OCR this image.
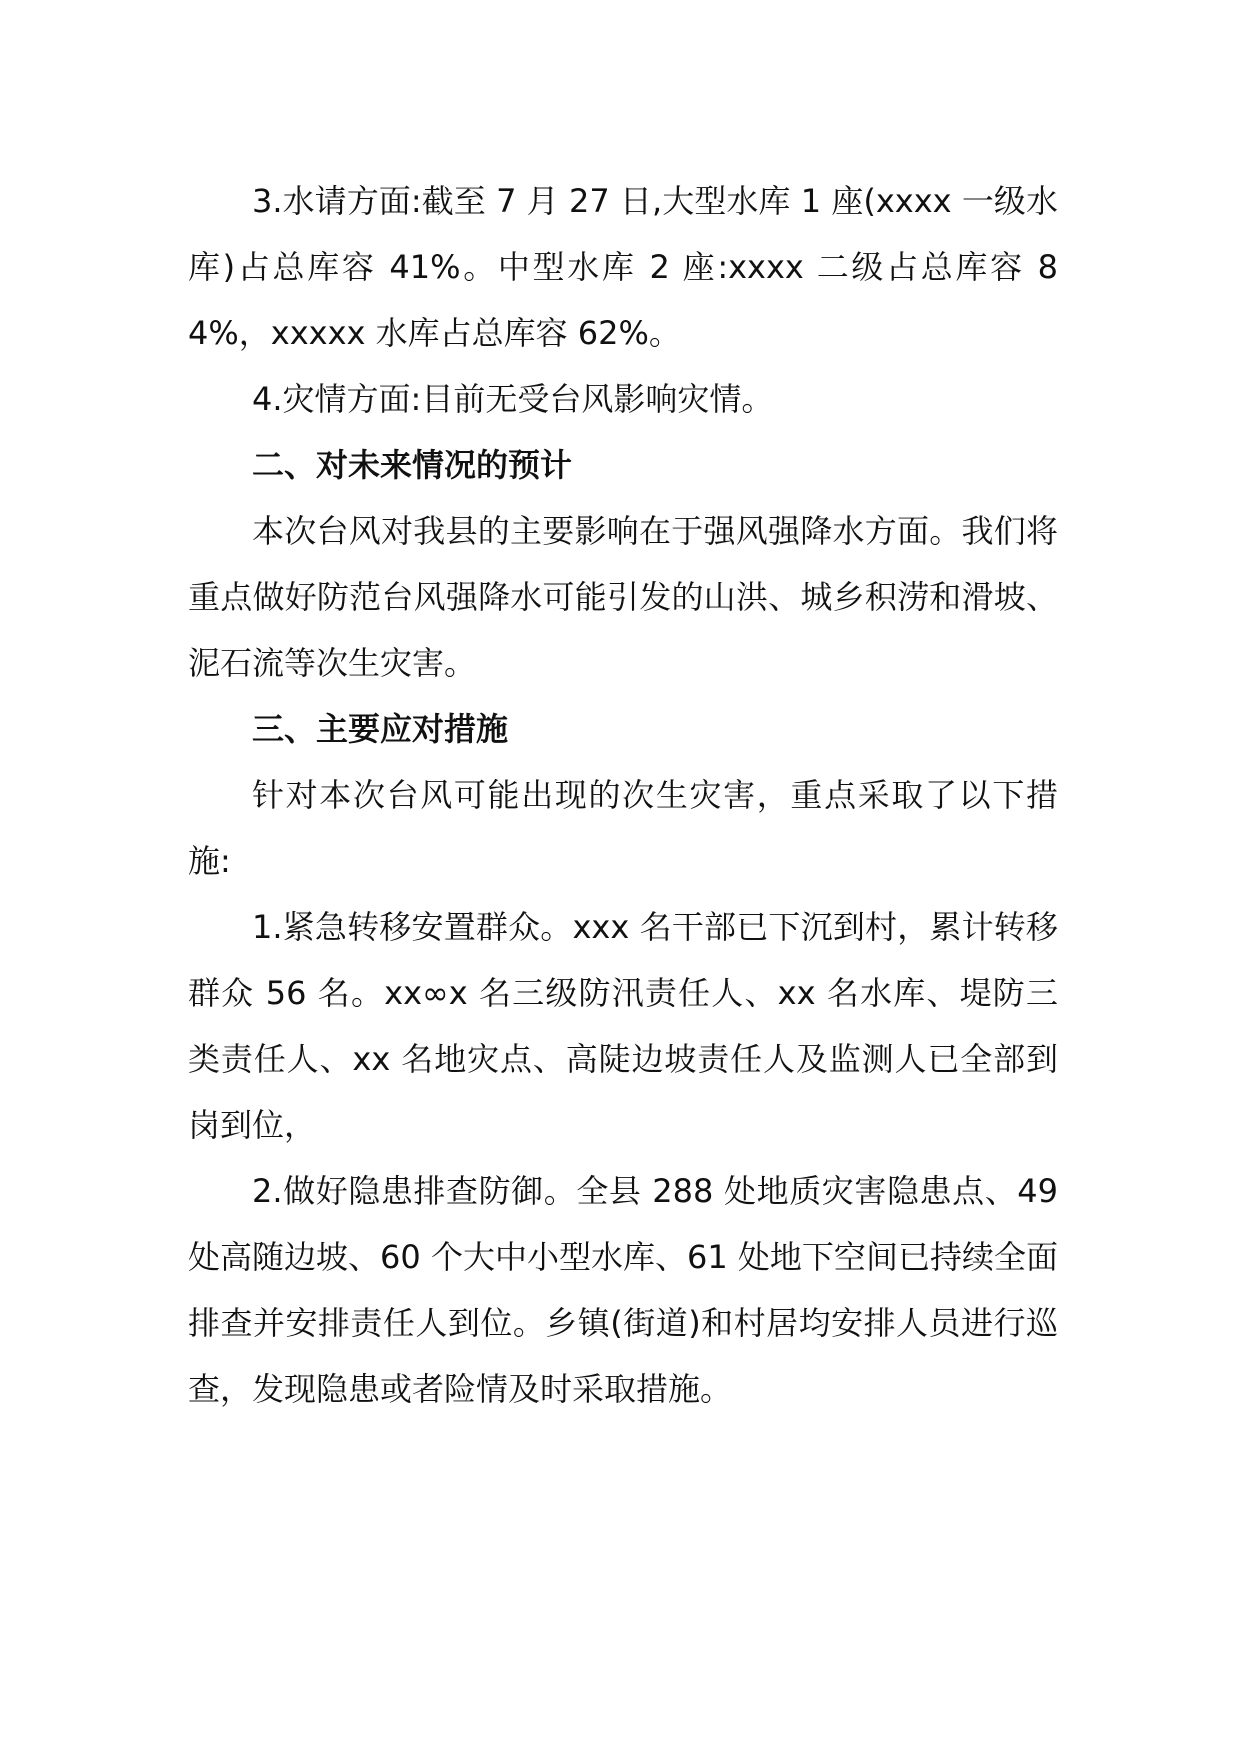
3.水请方面:截至 7 月 27 日,大型水库 1 座(xxxx 一级水库)占总库容 41%。中型水库 2 座:xxxx 二级占总库容 84%，xxxxx 水库占总库容 62%。

4.灾情方面:目前无受台风影响灾情。

二、对未来情况的预计

本次台风对我县的主要影响在于强风强降水方面。我们将重点做好防范台风强降水可能引发的山洪、城乡积涝和滑坡、泥石流等次生灾害。

三、主要应对措施

针对本次台风可能出现的次生灾害，重点采取了以下措施:

1.紧急转移安置群众。xxx 名干部已下沉到村，累计转移群众 56 名。xx∞x 名三级防汛责任人、xx 名水库、堤防三类责任人、xx 名地灾点、高陡边坡责任人及监测人已全部到岗到位，

2.做好隐患排查防御。全县 288 处地质灾害隐患点、49 处高随边坡、60 个大中小型水库、61 处地下空间已持续全面排查并安排责任人到位。乡镇(街道)和村居均安排人员进行巡查，发现隐患或者险情及时采取措施。
